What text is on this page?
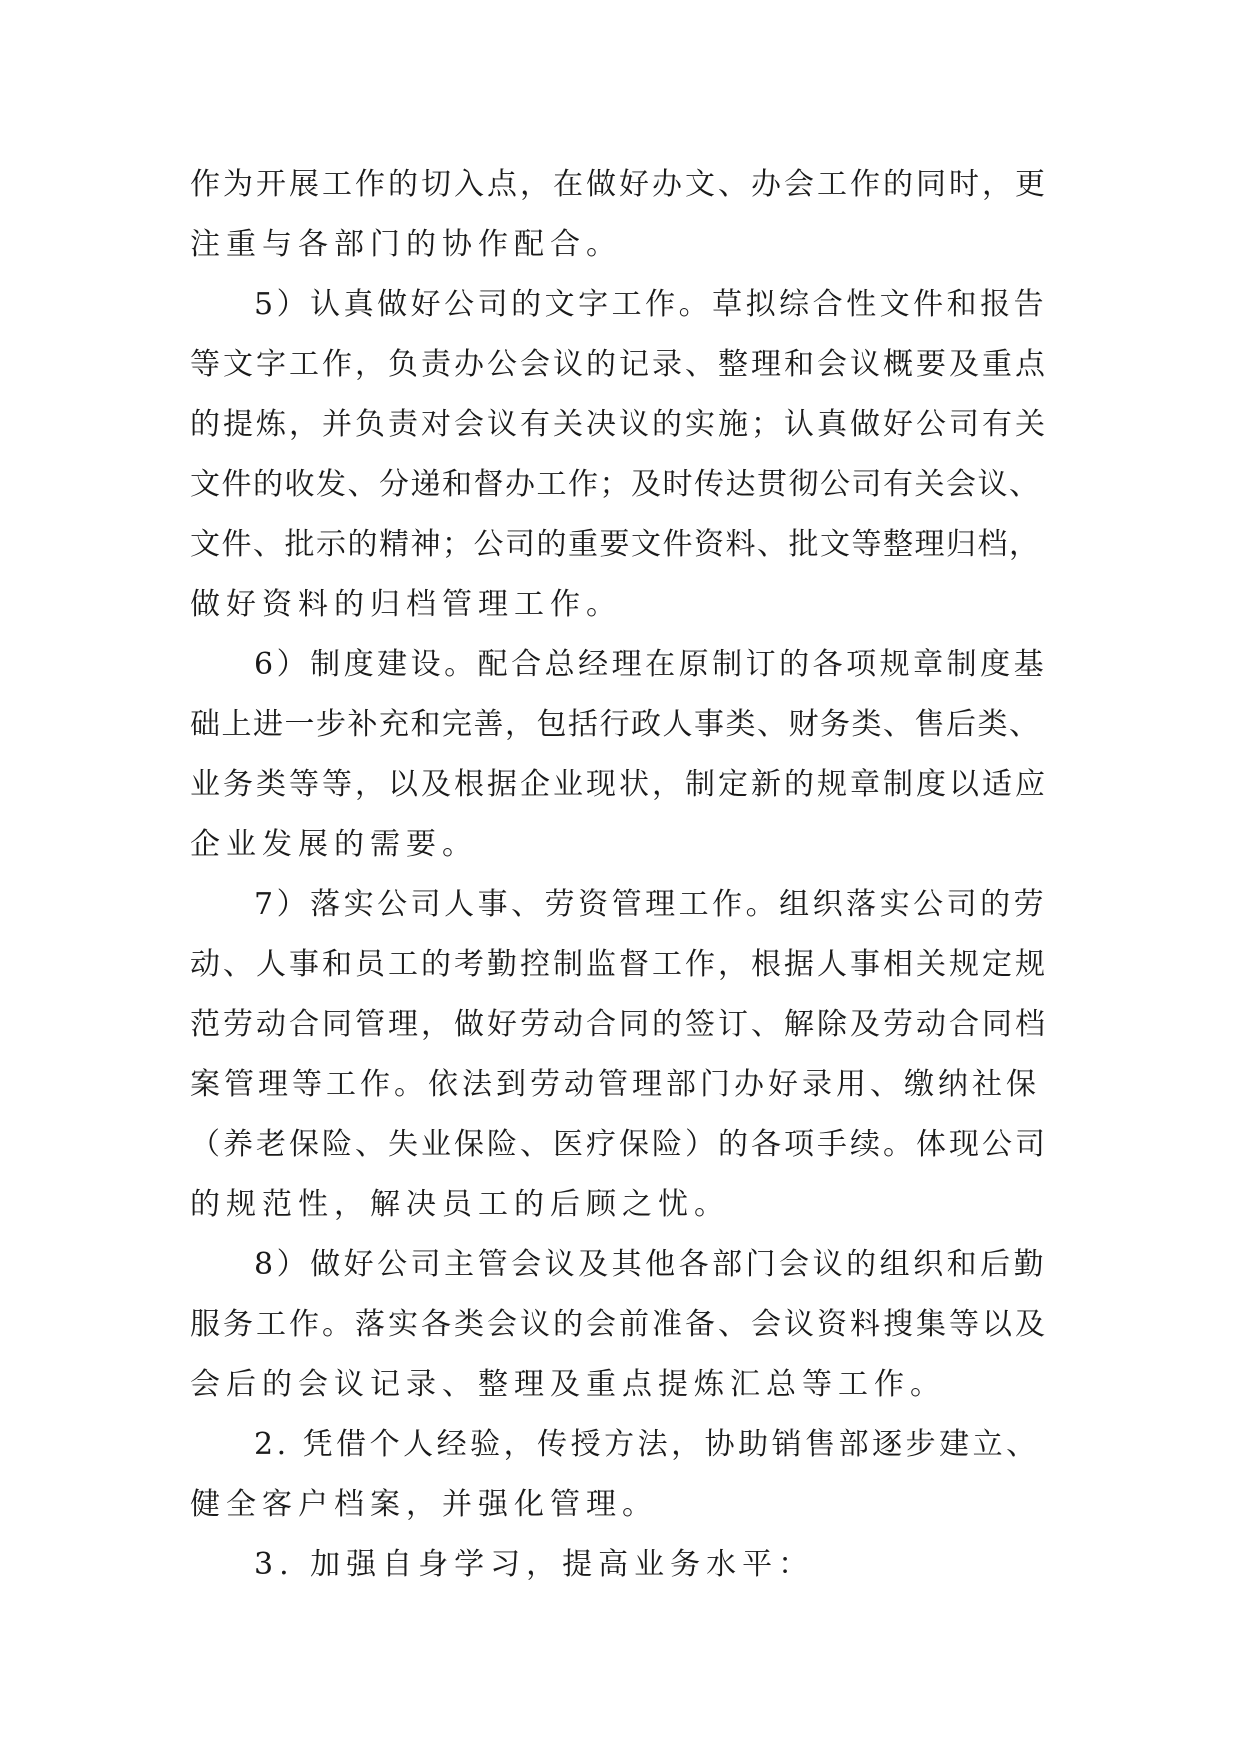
作为开展工作的切入点，在做好办文、办会工作的同时，更
注重与各部门的协作配合。
5）认真做好公司的文字工作。草拟综合性文件和报告
等文字工作，负责办公会议的记录、整理和会议概要及重点
的提炼，并负责对会议有关决议的实施；认真做好公司有关
文件的收发、分递和督办工作；及时传达贯彻公司有关会议、
文件、批示的精神；公司的重要文件资料、批文等整理归档，
做好资料的归档管理工作。
6）制度建设。配合总经理在原制订的各项规章制度基
础上进一步补充和完善，包括行政人事类、财务类、售后类、
业务类等等，以及根据企业现状，制定新的规章制度以适应
企业发展的需要。
7）落实公司人事、劳资管理工作。组织落实公司的劳
动、人事和员工的考勤控制监督工作，根据人事相关规定规
范劳动合同管理，做好劳动合同的签订、解除及劳动合同档
案管理等工作。依法到劳动管理部门办好录用、缴纳社保
（养老保险、失业保险、医疗保险）的各项手续。体现公司
的规范性，解决员工的后顾之忧。
8）做好公司主管会议及其他各部门会议的组织和后勤
服务工作。落实各类会议的会前准备、会议资料搜集等以及
会后的会议记录、整理及重点提炼汇总等工作。
2. 凭借个人经验，传授方法，协助销售部逐步建立、
健全客户档案，并强化管理。
3. 加强自身学习，提高业务水平：
